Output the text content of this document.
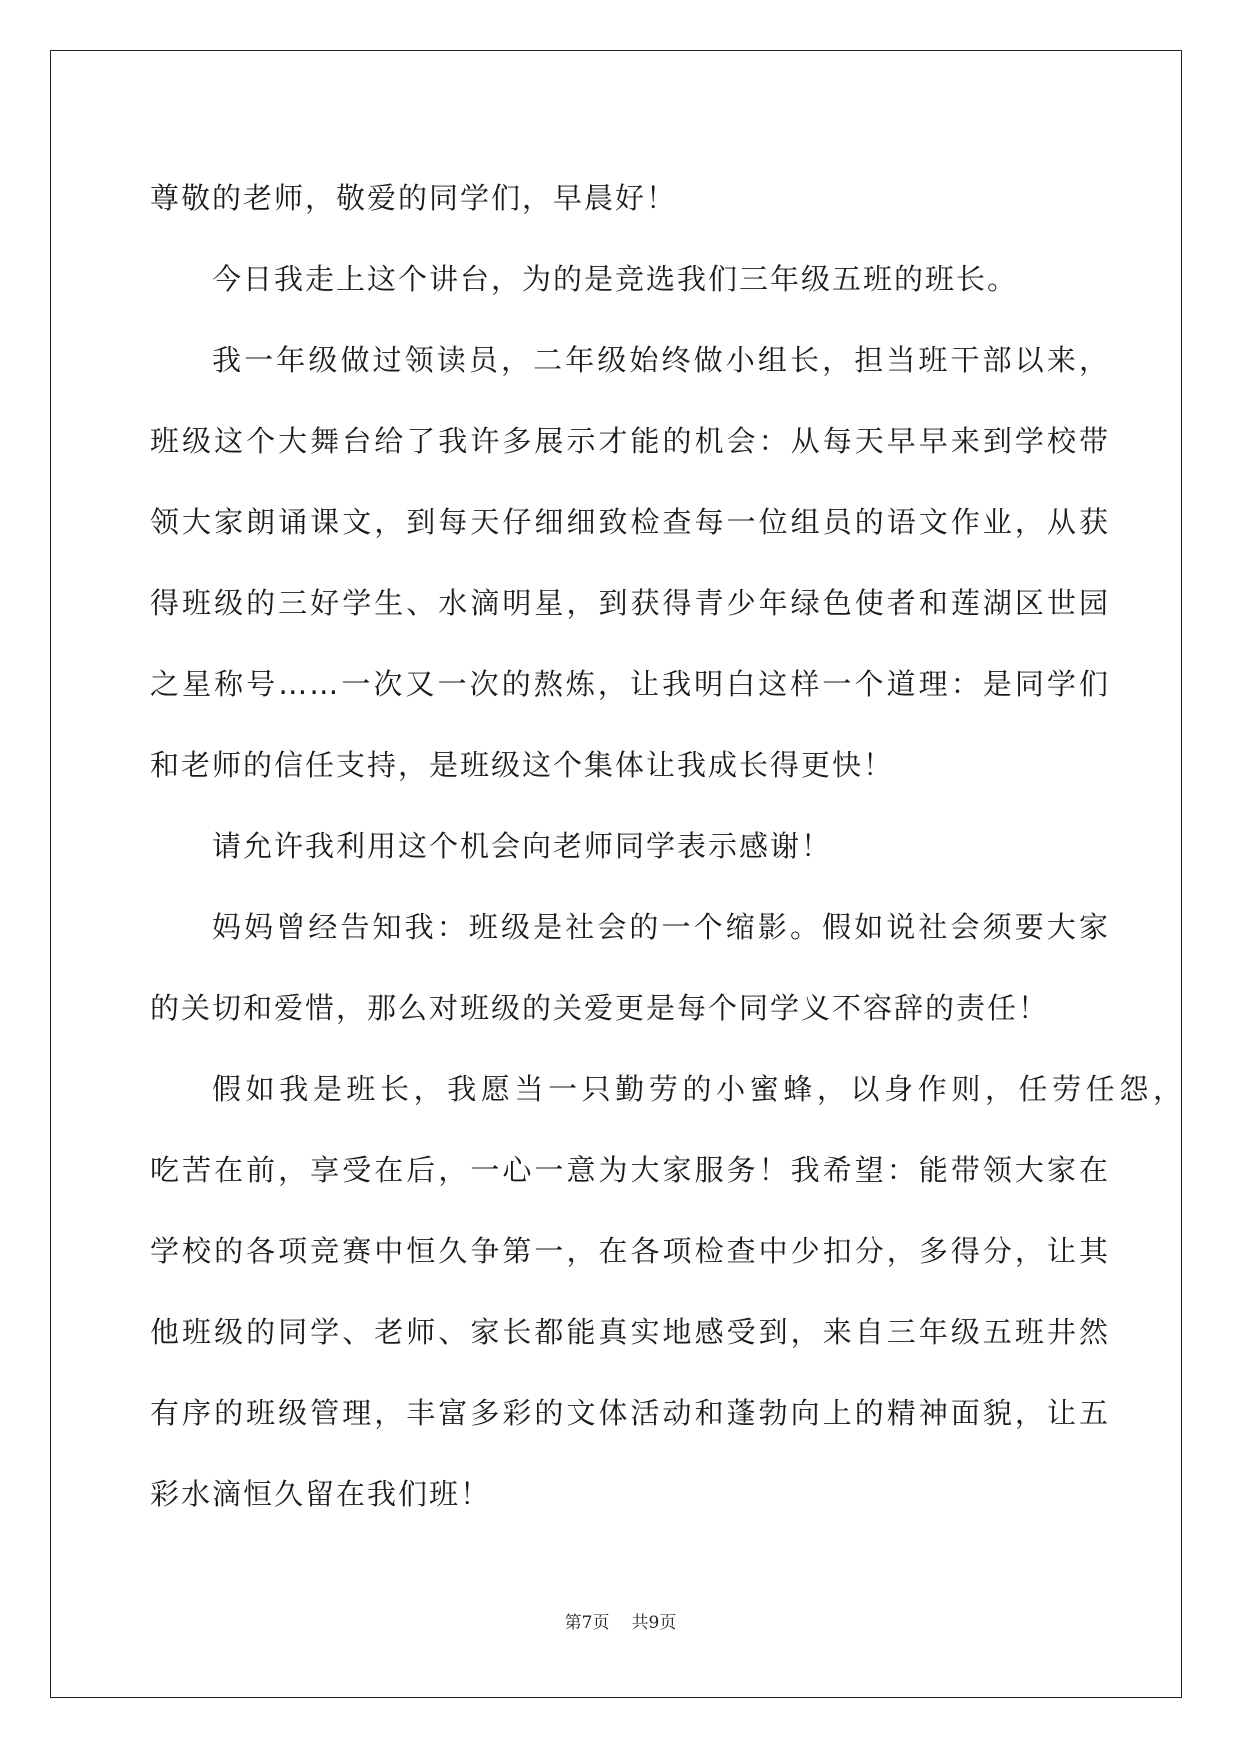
尊敬的老师，敬爱的同学们，早晨好！
今日我走上这个讲台，为的是竞选我们三年级五班的班长。
我一年级做过领读员，二年级始终做小组长，担当班干部以来，
班级这个大舞台给了我许多展示才能的机会：从每天早早来到学校带
领大家朗诵课文，到每天仔细细致检查每一位组员的语文作业，从获
得班级的三好学生、水滴明星，到获得青少年绿色使者和莲湖区世园
之星称号……一次又一次的熬炼，让我明白这样一个道理：是同学们
和老师的信任支持，是班级这个集体让我成长得更快！
请允许我利用这个机会向老师同学表示感谢！
妈妈曾经告知我：班级是社会的一个缩影。假如说社会须要大家
的关切和爱惜，那么对班级的关爱更是每个同学义不容辞的责任！
假如我是班长，我愿当一只勤劳的小蜜蜂，以身作则，任劳任怨，
吃苦在前，享受在后，一心一意为大家服务！我希望：能带领大家在
学校的各项竞赛中恒久争第一，在各项检查中少扣分，多得分，让其
他班级的同学、老师、家长都能真实地感受到，来自三年级五班井然
有序的班级管理，丰富多彩的文体活动和蓬勃向上的精神面貌，让五
彩水滴恒久留在我们班！
第7页 共9页
